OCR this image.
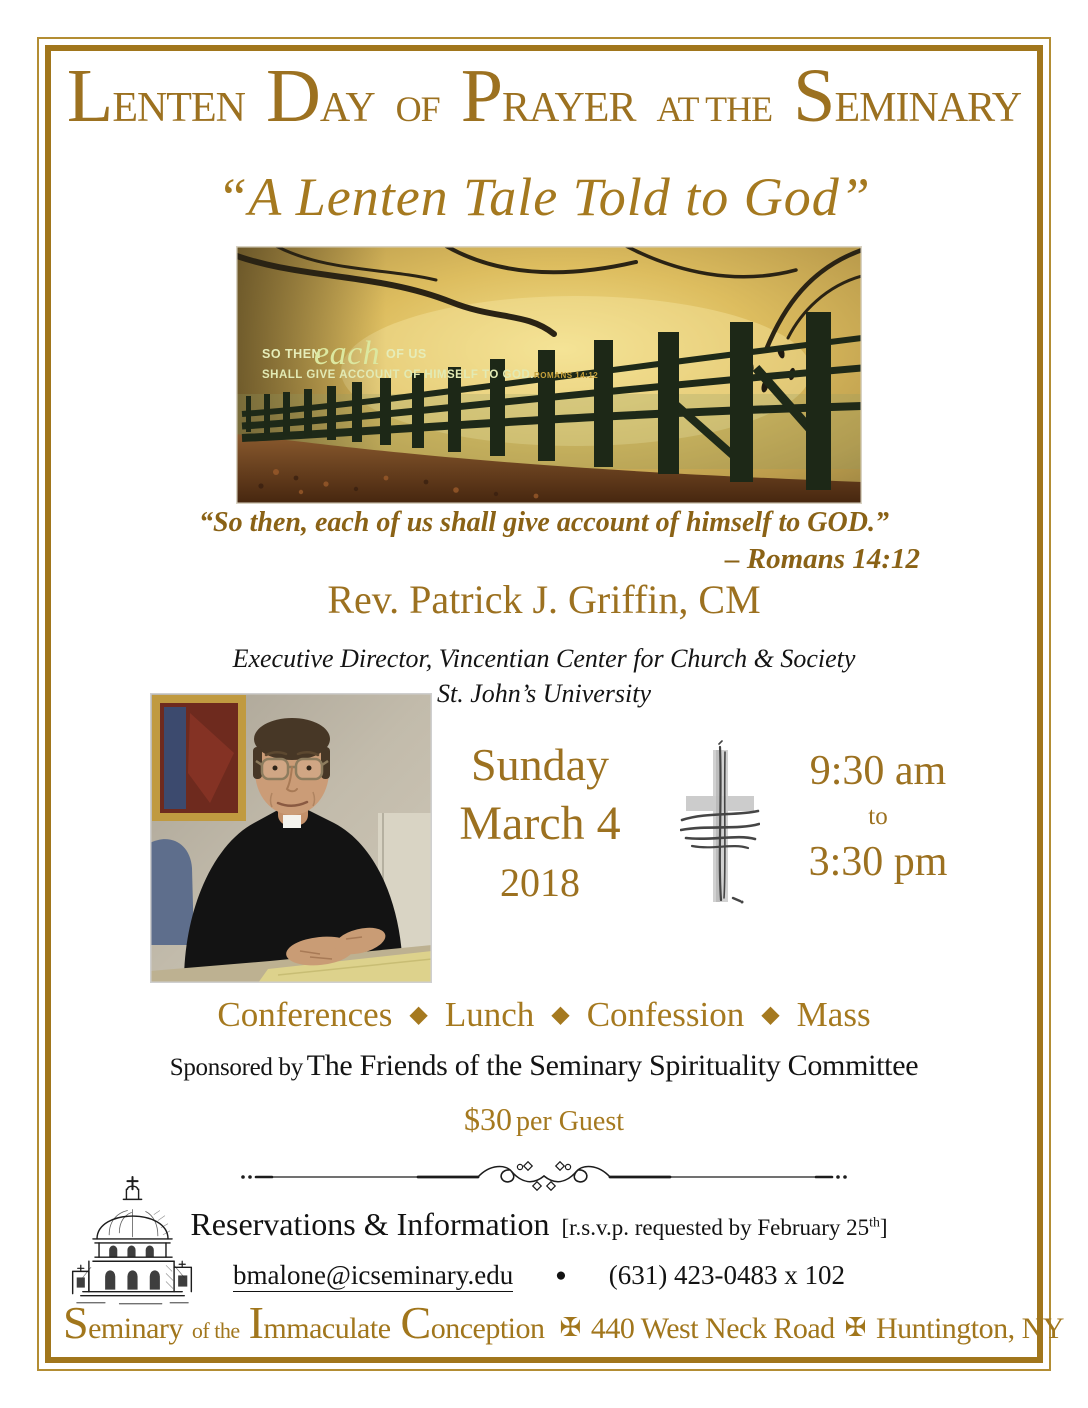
LENTEN DAY OF PRAYER AT THE SEMINARY
“A Lenten Tale Told to God”
SO THEN
each OF US
SHALL GIVE ACCOUNT OF HIMSELF TO GOD. ROMANS 14:12
“So then, each of us shall give account of himself to GOD.”
– Romans 14:12
Rev. Patrick J. Griffin, CM
Executive Director, Vincentian Center for Church & Society
St. John’s University
Sunday
March 4
2018
9:30 am
to
3:30 pm
Conferences ◆ Lunch ◆ Confession ◆ Mass
Sponsored by The Friends of the Seminary Spirituality Committee
$30 per Guest
Reservations & Information [r.s.v.p. requested by February 25th]
bmalone@icseminary.edu ● (631) 423-0483 x 102
Seminary of the Immaculate Conception ✠ 440 West Neck Road ✠ Huntington, NY
